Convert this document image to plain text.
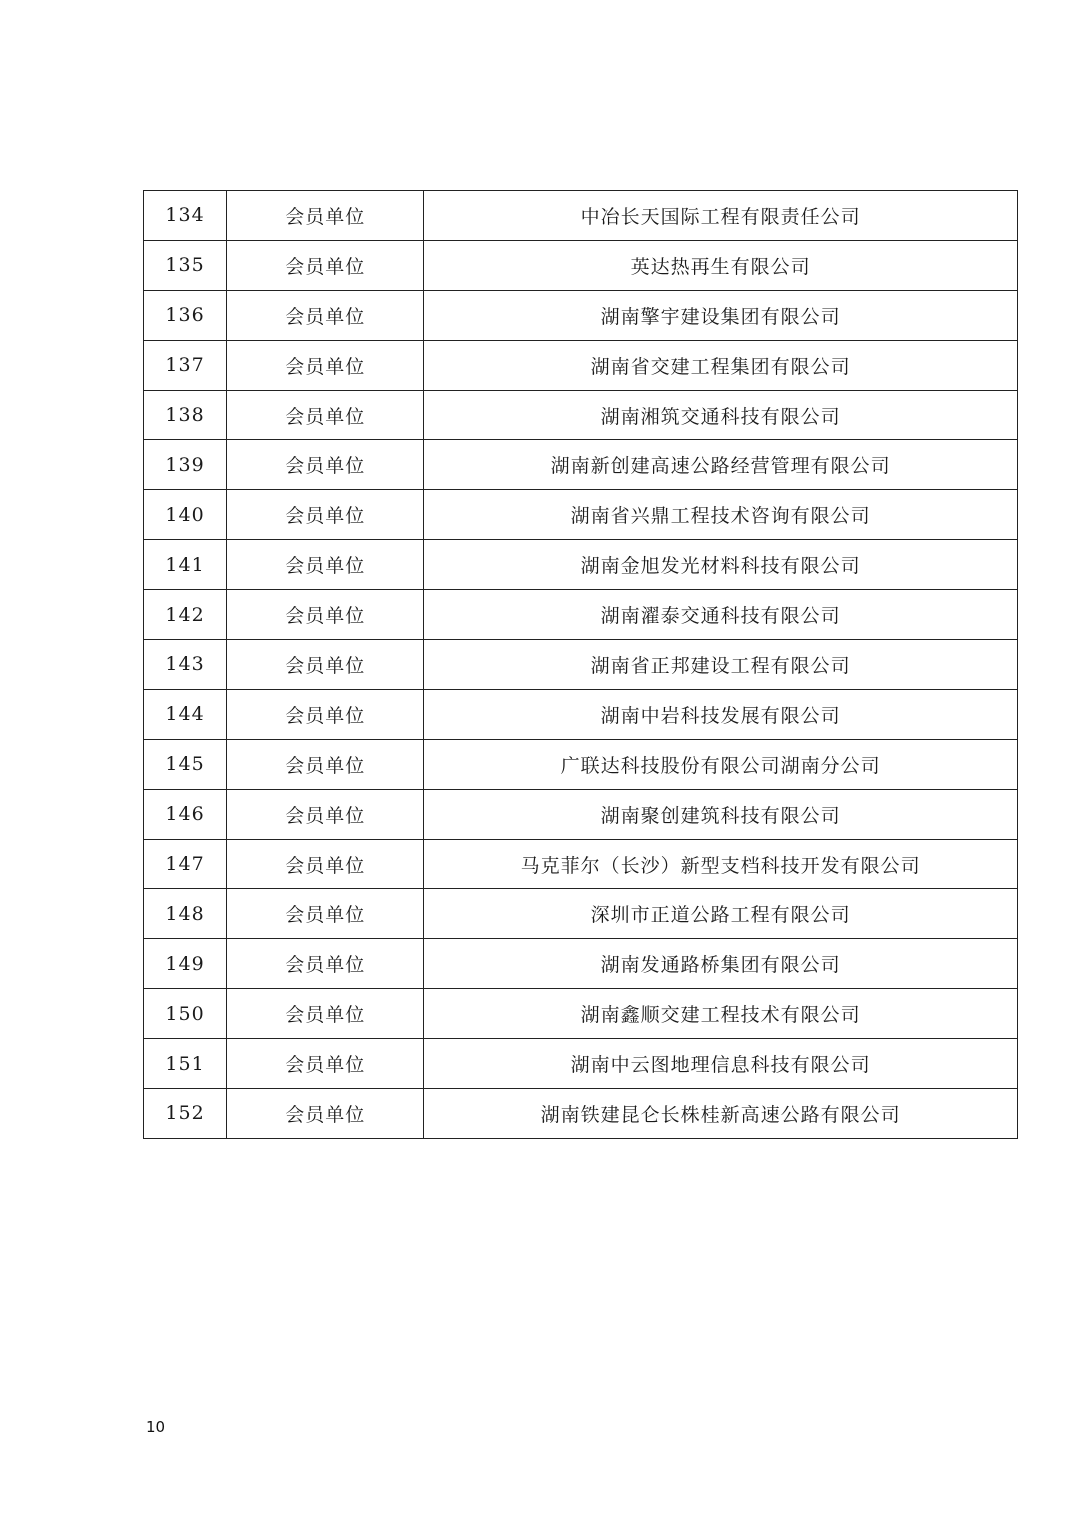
134	会员单位	中冶长天国际工程有限责任公司
135	会员单位	英达热再生有限公司
136	会员单位	湖南擎宇建设集团有限公司
137	会员单位	湖南省交建工程集团有限公司
138	会员单位	湖南湘筑交通科技有限公司
139	会员单位	湖南新创建高速公路经营管理有限公司
140	会员单位	湖南省兴鼎工程技术咨询有限公司
141	会员单位	湖南金旭发光材料科技有限公司
142	会员单位	湖南濯泰交通科技有限公司
143	会员单位	湖南省正邦建设工程有限公司
144	会员单位	湖南中岩科技发展有限公司
145	会员单位	广联达科技股份有限公司湖南分公司
146	会员单位	湖南聚创建筑科技有限公司
147	会员单位	马克菲尔（长沙）新型支档科技开发有限公司
148	会员单位	深圳市正道公路工程有限公司
149	会员单位	湖南发通路桥集团有限公司
150	会员单位	湖南鑫顺交建工程技术有限公司
151	会员单位	湖南中云图地理信息科技有限公司
152	会员单位	湖南铁建昆仑长株桂新高速公路有限公司
10
